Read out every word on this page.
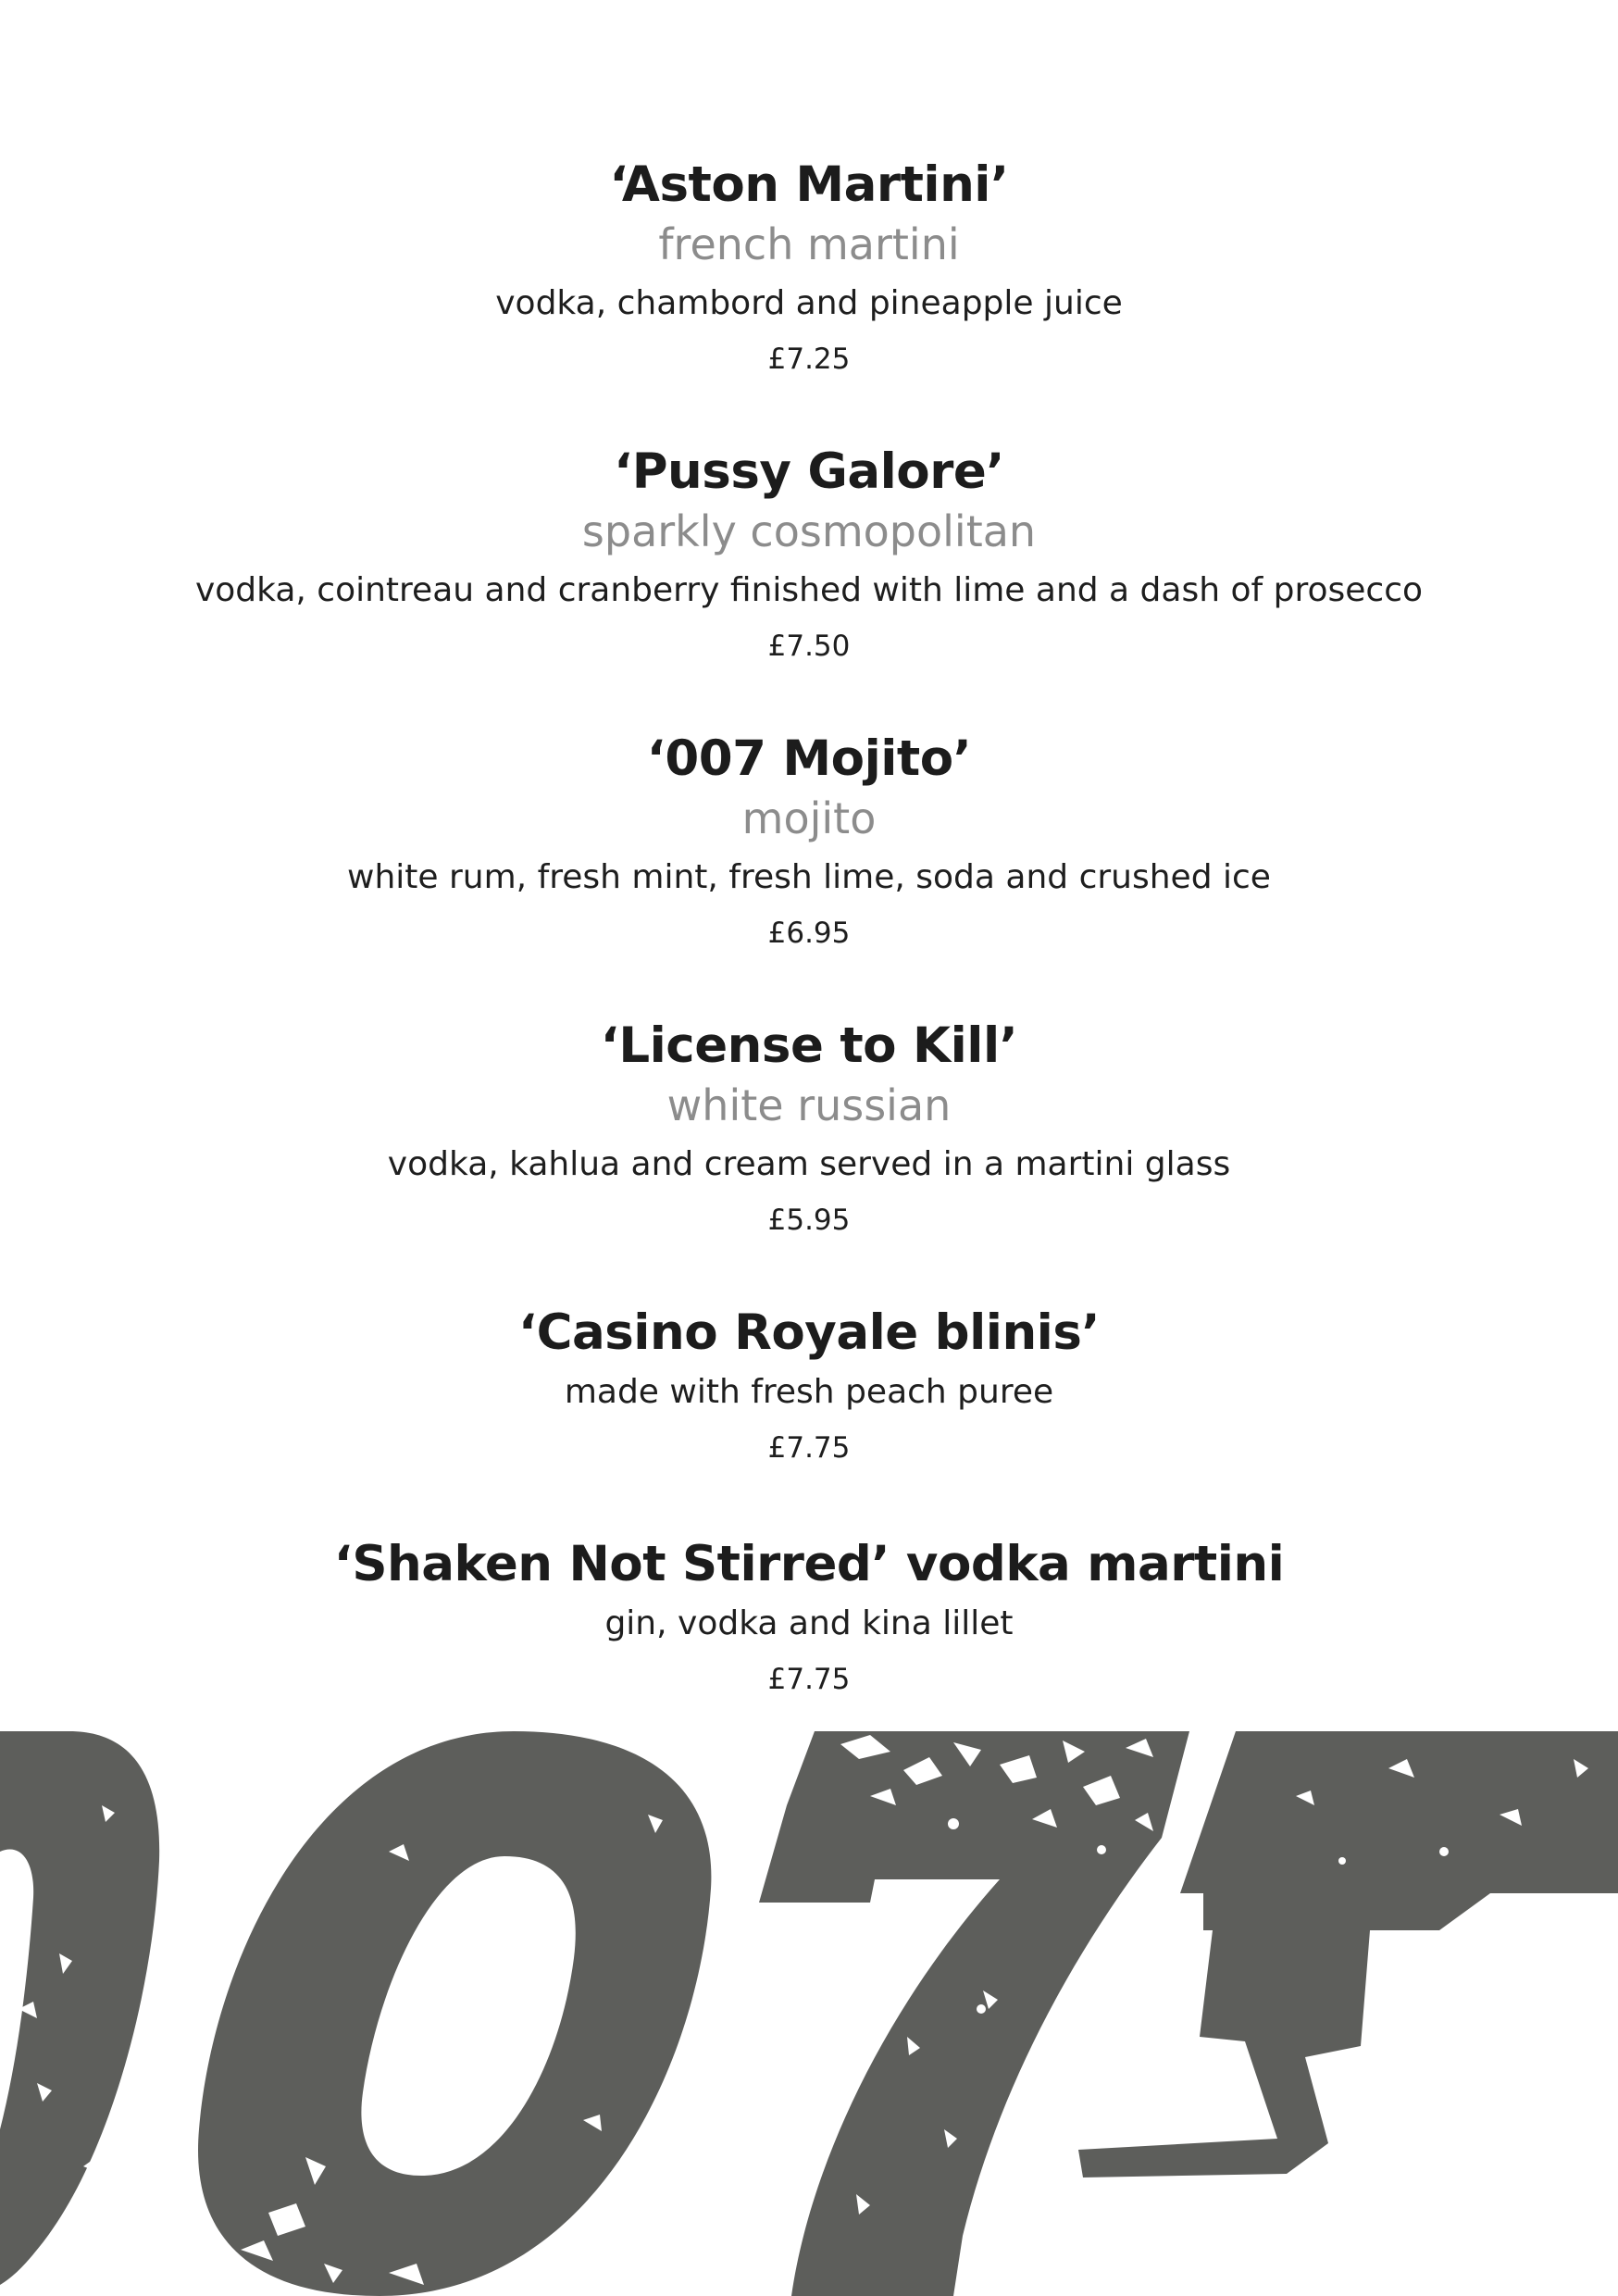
‘Aston Martini’
french martini
vodka, chambord and pineapple juice
£7.25
‘Pussy Galore’
sparkly cosmopolitan
vodka, cointreau and cranberry finished with lime and a dash of prosecco
£7.50
‘007 Mojito’
mojito
white rum, fresh mint, fresh lime, soda and crushed ice
£6.95
‘License to Kill’
white russian
vodka, kahlua and cream served in a martini glass
£5.95
‘Casino Royale blinis’
made with fresh peach puree
£7.75
‘Shaken Not Stirred’ vodka martini
gin, vodka and kina lillet
£7.75
